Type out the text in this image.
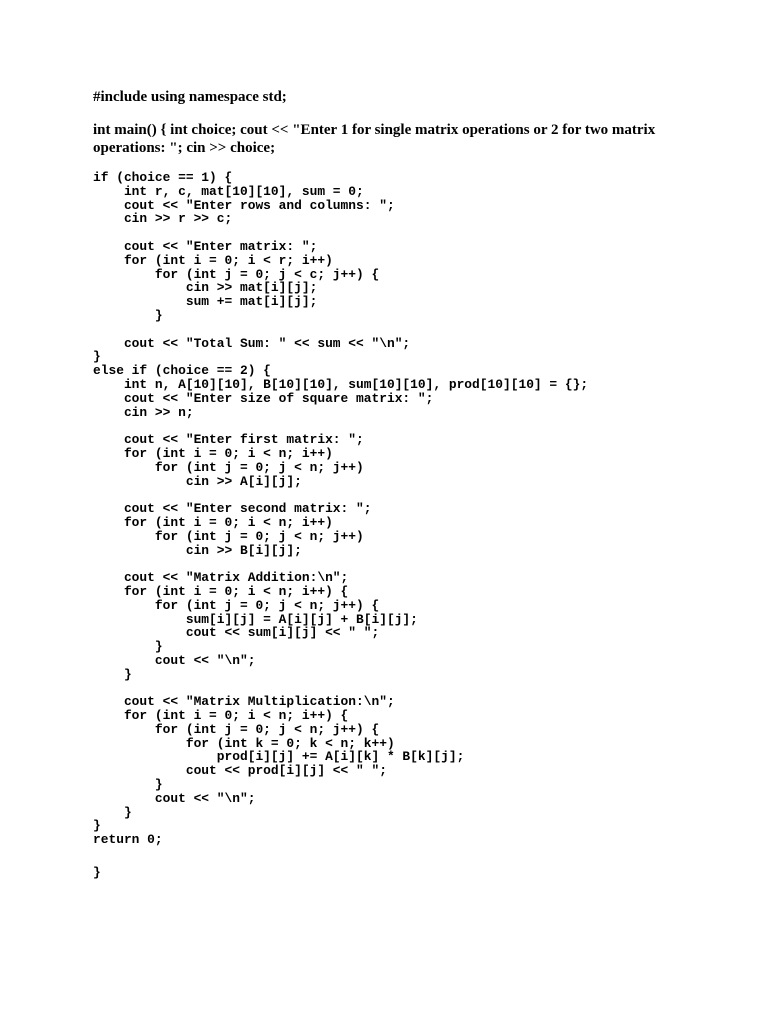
#include using namespace std;

int main() { int choice; cout << "Enter 1 for single matrix operations or 2 for two matrix operations: "; cin >> choice;

if (choice == 1) {
int r, c, mat[10][10], sum = 0;
cout << "Enter rows and columns: ";
cin >> r >> c;

cout << "Enter matrix: ";
for (int i = 0; i < r; i++)
for (int j = 0; j < c; j++) {
cin >> mat[i][j];
sum += mat[i][j];
}

cout << "Total Sum: " << sum << "\n";
}
else if (choice == 2) {
int n, A[10][10], B[10][10], sum[10][10], prod[10][10] = {};
cout << "Enter size of square matrix: ";
cin >> n;

cout << "Enter first matrix: ";
for (int i = 0; i < n; i++)
for (int j = 0; j < n; j++)
cin >> A[i][j];

cout << "Enter second matrix: ";
for (int i = 0; i < n; i++)
for (int j = 0; j < n; j++)
cin >> B[i][j];

cout << "Matrix Addition:\n";
for (int i = 0; i < n; i++) {
for (int j = 0; j < n; j++) {
sum[i][j] = A[i][j] + B[i][j];
cout << sum[i][j] << " ";
}
cout << "\n";
}

cout << "Matrix Multiplication:\n";
for (int i = 0; i < n; i++) {
for (int j = 0; j < n; j++) {
for (int k = 0; k < n; k++)
prod[i][j] += A[i][k] * B[k][j];
cout << prod[i][j] << " ";
}
cout << "\n";
}
}
return 0;
}
